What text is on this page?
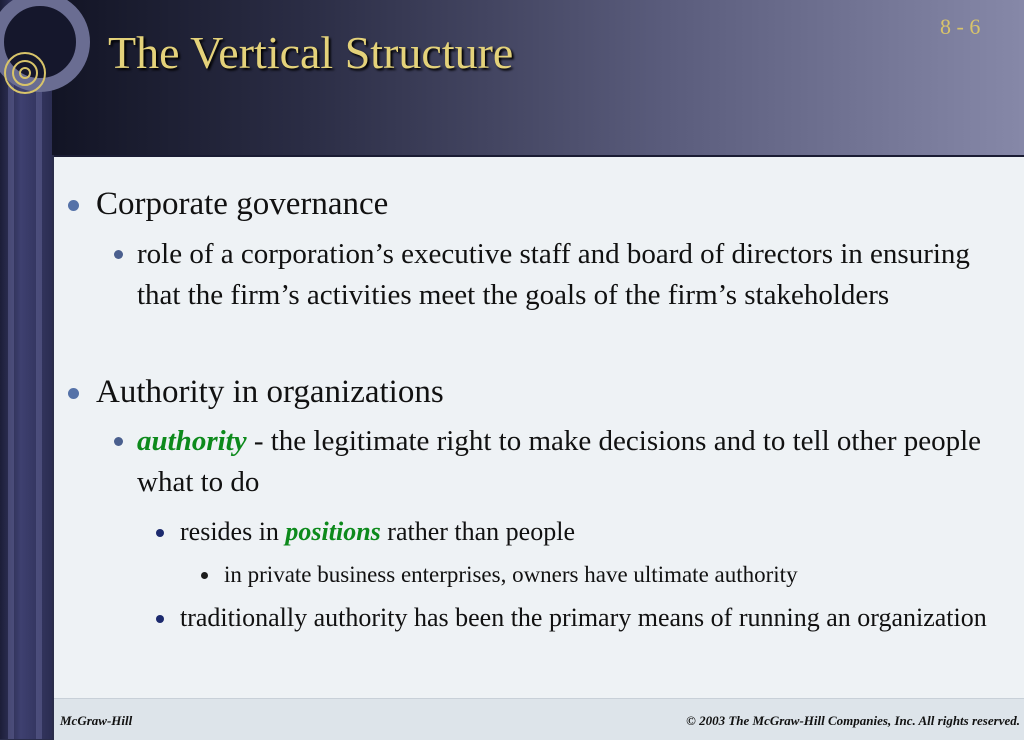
The Vertical Structure
8 - 6
Corporate governance
role of a corporation’s executive staff and board of directors in ensuring that the firm’s activities meet the goals of the firm’s stakeholders
Authority in organizations
authority - the legitimate right to make decisions and to tell other people what to do
resides in positions rather than people
in private business enterprises, owners have ultimate authority
traditionally authority has been the primary means of running an organization
McGraw-Hill	© 2003 The McGraw-Hill Companies, Inc. All rights reserved.
